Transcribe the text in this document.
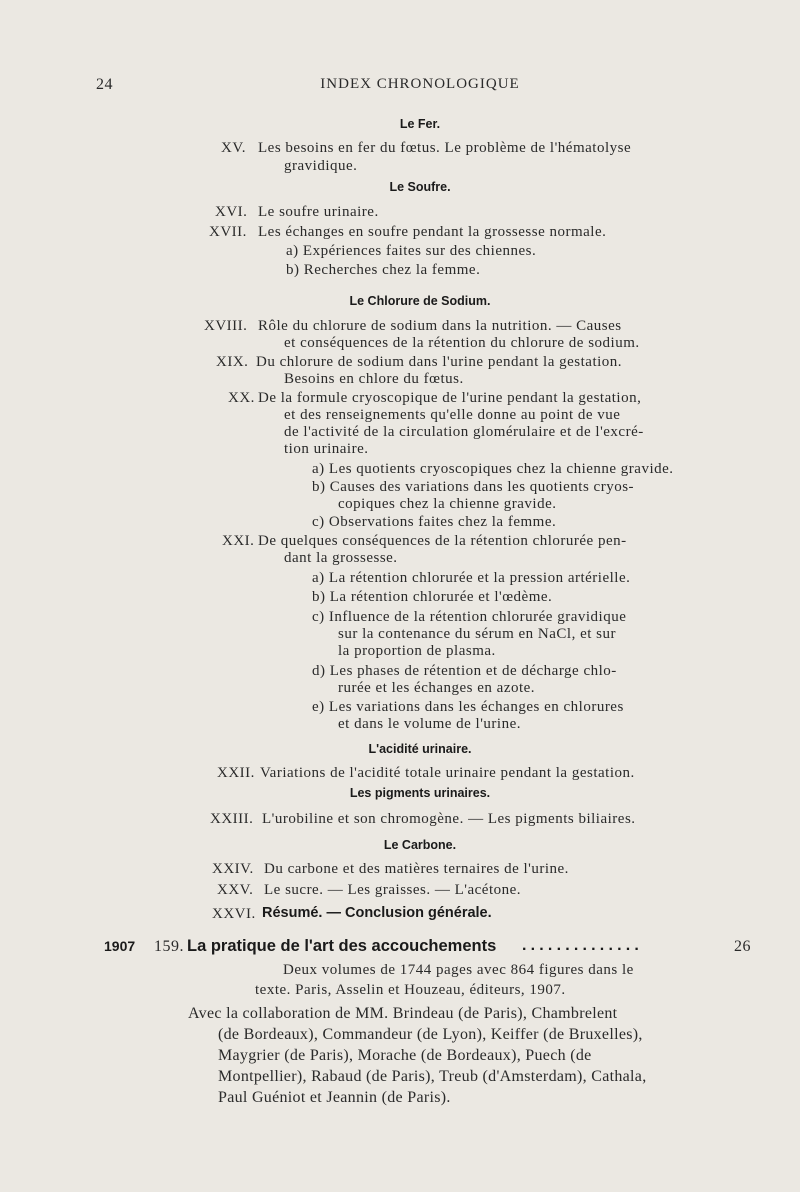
24	INDEX CHRONOLOGIQUE
Le Fer.
XV. Les besoins en fer du fœtus. Le problème de l'hématolyse
gravidique.
Le Soufre.
XVI. Le soufre urinaire.
XVII. Les échanges en soufre pendant la grossesse normale.
a) Expériences faites sur des chiennes.
b) Recherches chez la femme.
Le Chlorure de Sodium.
XVIII. Rôle du chlorure de sodium dans la nutrition. — Causes
et conséquences de la rétention du chlorure de sodium.
XIX. Du chlorure de sodium dans l'urine pendant la gestation.
Besoins en chlore du fœtus.
XX. De la formule cryoscopique de l'urine pendant la gestation,
et des renseignements qu'elle donne au point de vue
de l'activité de la circulation glomérulaire et de l'excré-
tion urinaire.
a) Les quotients cryoscopiques chez la chienne gravide.
b) Causes des variations dans les quotients cryos-
copiques chez la chienne gravide.
c) Observations faites chez la femme.
XXI. De quelques conséquences de la rétention chlorurée pen-
dant la grossesse.
a) La rétention chlorurée et la pression artérielle.
b) La rétention chlorurée et l'œdème.
c) Influence de la rétention chlorurée gravidique
sur la contenance du sérum en NaCl, et sur
la proportion de plasma.
d) Les phases de rétention et de décharge chlo-
rurée et les échanges en azote.
e) Les variations dans les échanges en chlorures
et dans le volume de l'urine.
L'acidité urinaire.
XXII. Variations de l'acidité totale urinaire pendant la gestation.
Les pigments urinaires.
XXIII. L'urobiline et son chromogène. — Les pigments biliaires.
Le Carbone.
XXIV. Du carbone et des matières ternaires de l'urine.
XXV. Le sucre. — Les graisses. — L'acétone.
XXVI. Résumé. — Conclusion générale.
1907 159. La pratique de l'art des accouchements ..............	26
Deux volumes de 1744 pages avec 864 figures dans le
texte. Paris, Asselin et Houzeau, éditeurs, 1907.
Avec la collaboration de MM. Brindeau (de Paris), Chambrelent
(de Bordeaux), Commandeur (de Lyon), Keiffer (de Bruxelles),
Maygrier (de Paris), Morache (de Bordeaux), Puech (de
Montpellier), Rabaud (de Paris), Treub (d'Amsterdam), Cathala,
Paul Guéniot et Jeannin (de Paris).
